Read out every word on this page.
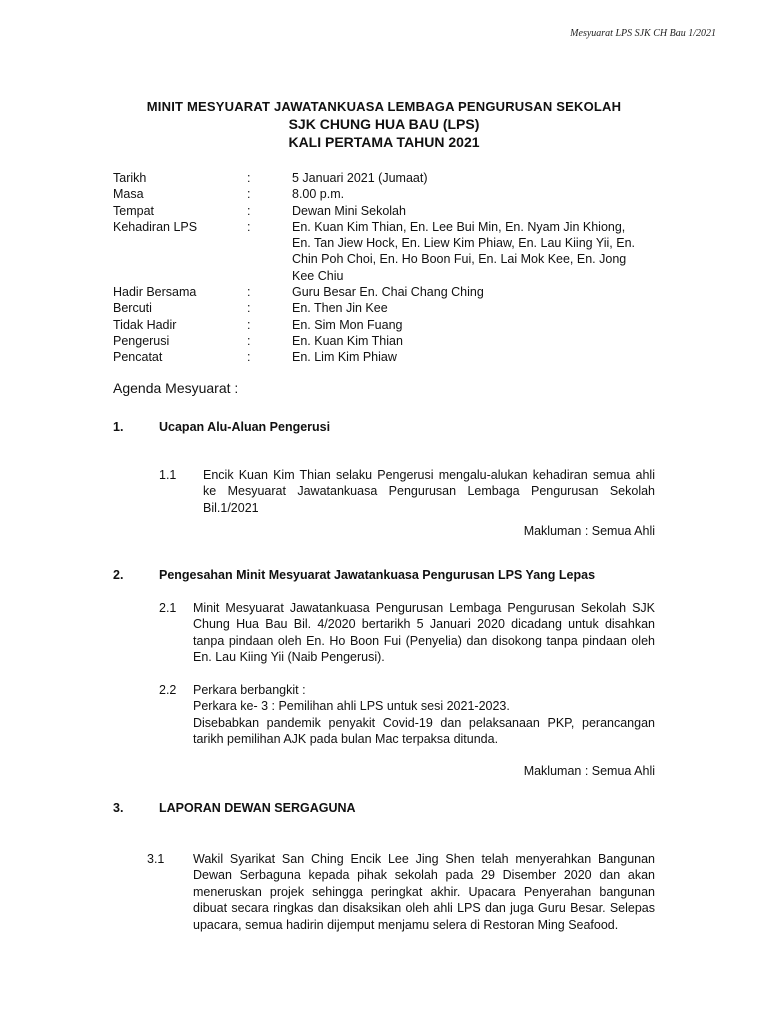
Mesyuarat LPS SJK CH Bau 1/2021
MINIT MESYUARAT JAWATANKUASA LEMBAGA PENGURUSAN SEKOLAH
SJK CHUNG HUA BAU (LPS)
KALI PERTAMA TAHUN 2021
Tarikh	:	5 Januari 2021 (Jumaat)
Masa	:	8.00 p.m.
Tempat	:	Dewan Mini Sekolah
Kehadiran LPS	:	En. Kuan Kim Thian, En. Lee Bui Min, En. Nyam Jin Khiong, En. Tan Jiew Hock, En. Liew Kim Phiaw, En. Lau Kiing Yii, En. Chin Poh Choi, En. Ho Boon Fui, En. Lai Mok Kee, En. Jong Kee Chiu
Hadir Bersama	:	Guru Besar En. Chai Chang Ching
Bercuti	:	En. Then Jin Kee
Tidak Hadir	:	En. Sim Mon Fuang
Pengerusi	:	En. Kuan Kim Thian
Pencatat	:	En. Lim Kim Phiaw
Agenda Mesyuarat :
1.	Ucapan Alu-Aluan Pengerusi
1.1 Encik Kuan Kim Thian selaku Pengerusi mengalu-alukan kehadiran semua ahli ke Mesyuarat Jawatankuasa Pengurusan Lembaga Pengurusan Sekolah Bil.1/2021
Makluman : Semua Ahli
2.	Pengesahan Minit Mesyuarat Jawatankuasa Pengurusan LPS Yang Lepas
2.1 Minit Mesyuarat Jawatankuasa Pengurusan Lembaga Pengurusan Sekolah SJK Chung Hua Bau Bil. 4/2020 bertarikh 5 Januari 2020 dicadang untuk disahkan tanpa pindaan oleh En. Ho Boon Fui (Penyelia) dan disokong tanpa pindaan oleh En. Lau Kiing Yii (Naib Pengerusi).
2.2 Perkara berbangkit :
Perkara ke- 3 : Pemilihan ahli LPS untuk sesi 2021-2023.
Disebabkan pandemik penyakit Covid-19 dan pelaksanaan PKP, perancangan tarikh pemilihan AJK pada bulan Mac terpaksa ditunda.
Makluman : Semua Ahli
3.	LAPORAN DEWAN SERGAGUNA
3.1 Wakil Syarikat San Ching Encik Lee Jing Shen telah menyerahkan Bangunan Dewan Serbaguna kepada pihak sekolah pada 29 Disember 2020 dan akan meneruskan projek sehingga peringkat akhir. Upacara Penyerahan bangunan dibuat secara ringkas dan disaksikan oleh ahli LPS dan juga Guru Besar. Selepas upacara, semua hadirin dijemput menjamu selera di Restoran Ming Seafood.
